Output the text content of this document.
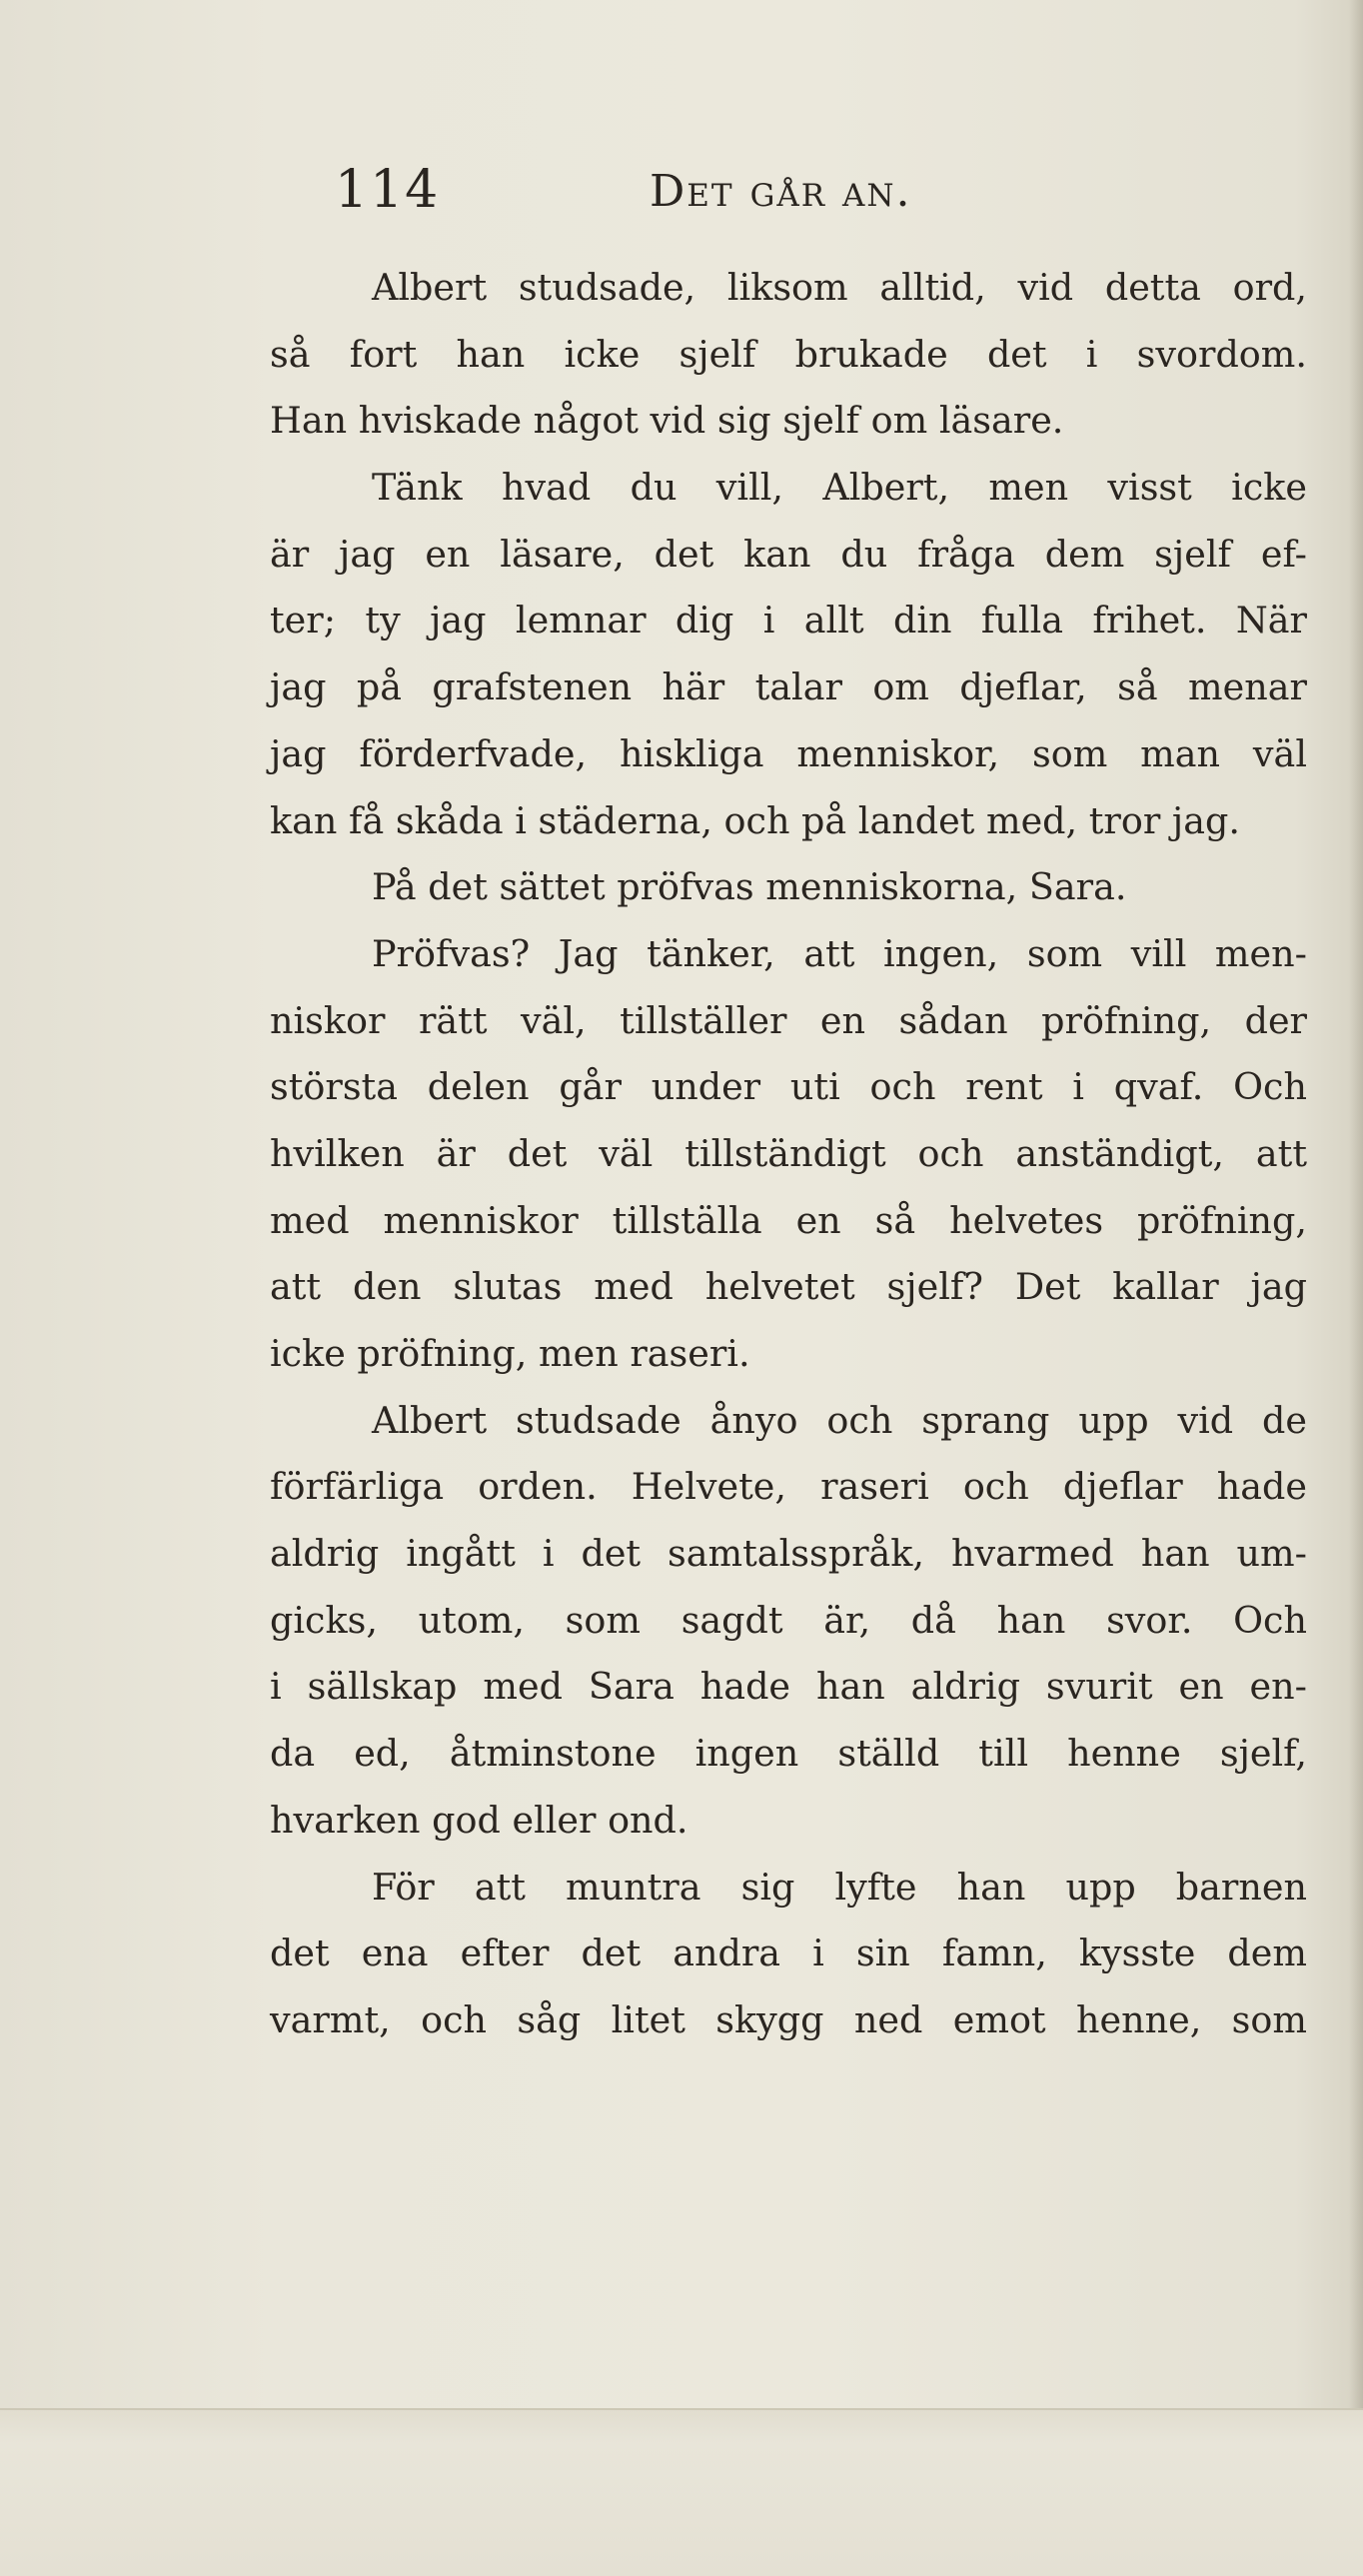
114	Det går an.
Albert studsade, liksom alltid, vid detta ord,
så fort han icke sjelf brukade det i svordom.
Han hviskade något vid sig sjelf om läsare.
Tänk hvad du vill, Albert, men visst icke
är jag en läsare, det kan du fråga dem sjelf ef-
ter; ty jag lemnar dig i allt din fulla frihet. När
jag på grafstenen här talar om djeflar, så menar
jag förderfvade, hiskliga menniskor, som man väl
kan få skåda i städerna, och på landet med, tror jag.
På det sättet pröfvas menniskorna, Sara.
Pröfvas? Jag tänker, att ingen, som vill men-
niskor rätt väl, tillställer en sådan pröfning, der
största delen går under uti och rent i qvaf. Och
hvilken är det väl tillständigt och anständigt, att
med menniskor tillställa en så helvetes pröfning,
att den slutas med helvetet sjelf? Det kallar jag
icke pröfning, men raseri.
Albert studsade ånyo och sprang upp vid de
förfärliga orden. Helvete, raseri och djeflar hade
aldrig ingått i det samtalsspråk, hvarmed han um-
gicks, utom, som sagdt är, då han svor. Och
i sällskap med Sara hade han aldrig svurit en en-
da ed, åtminstone ingen ställd till henne sjelf,
hvarken god eller ond.
För att muntra sig lyfte han upp barnen
det ena efter det andra i sin famn, kysste dem
varmt, och såg litet skygg ned emot henne, som
